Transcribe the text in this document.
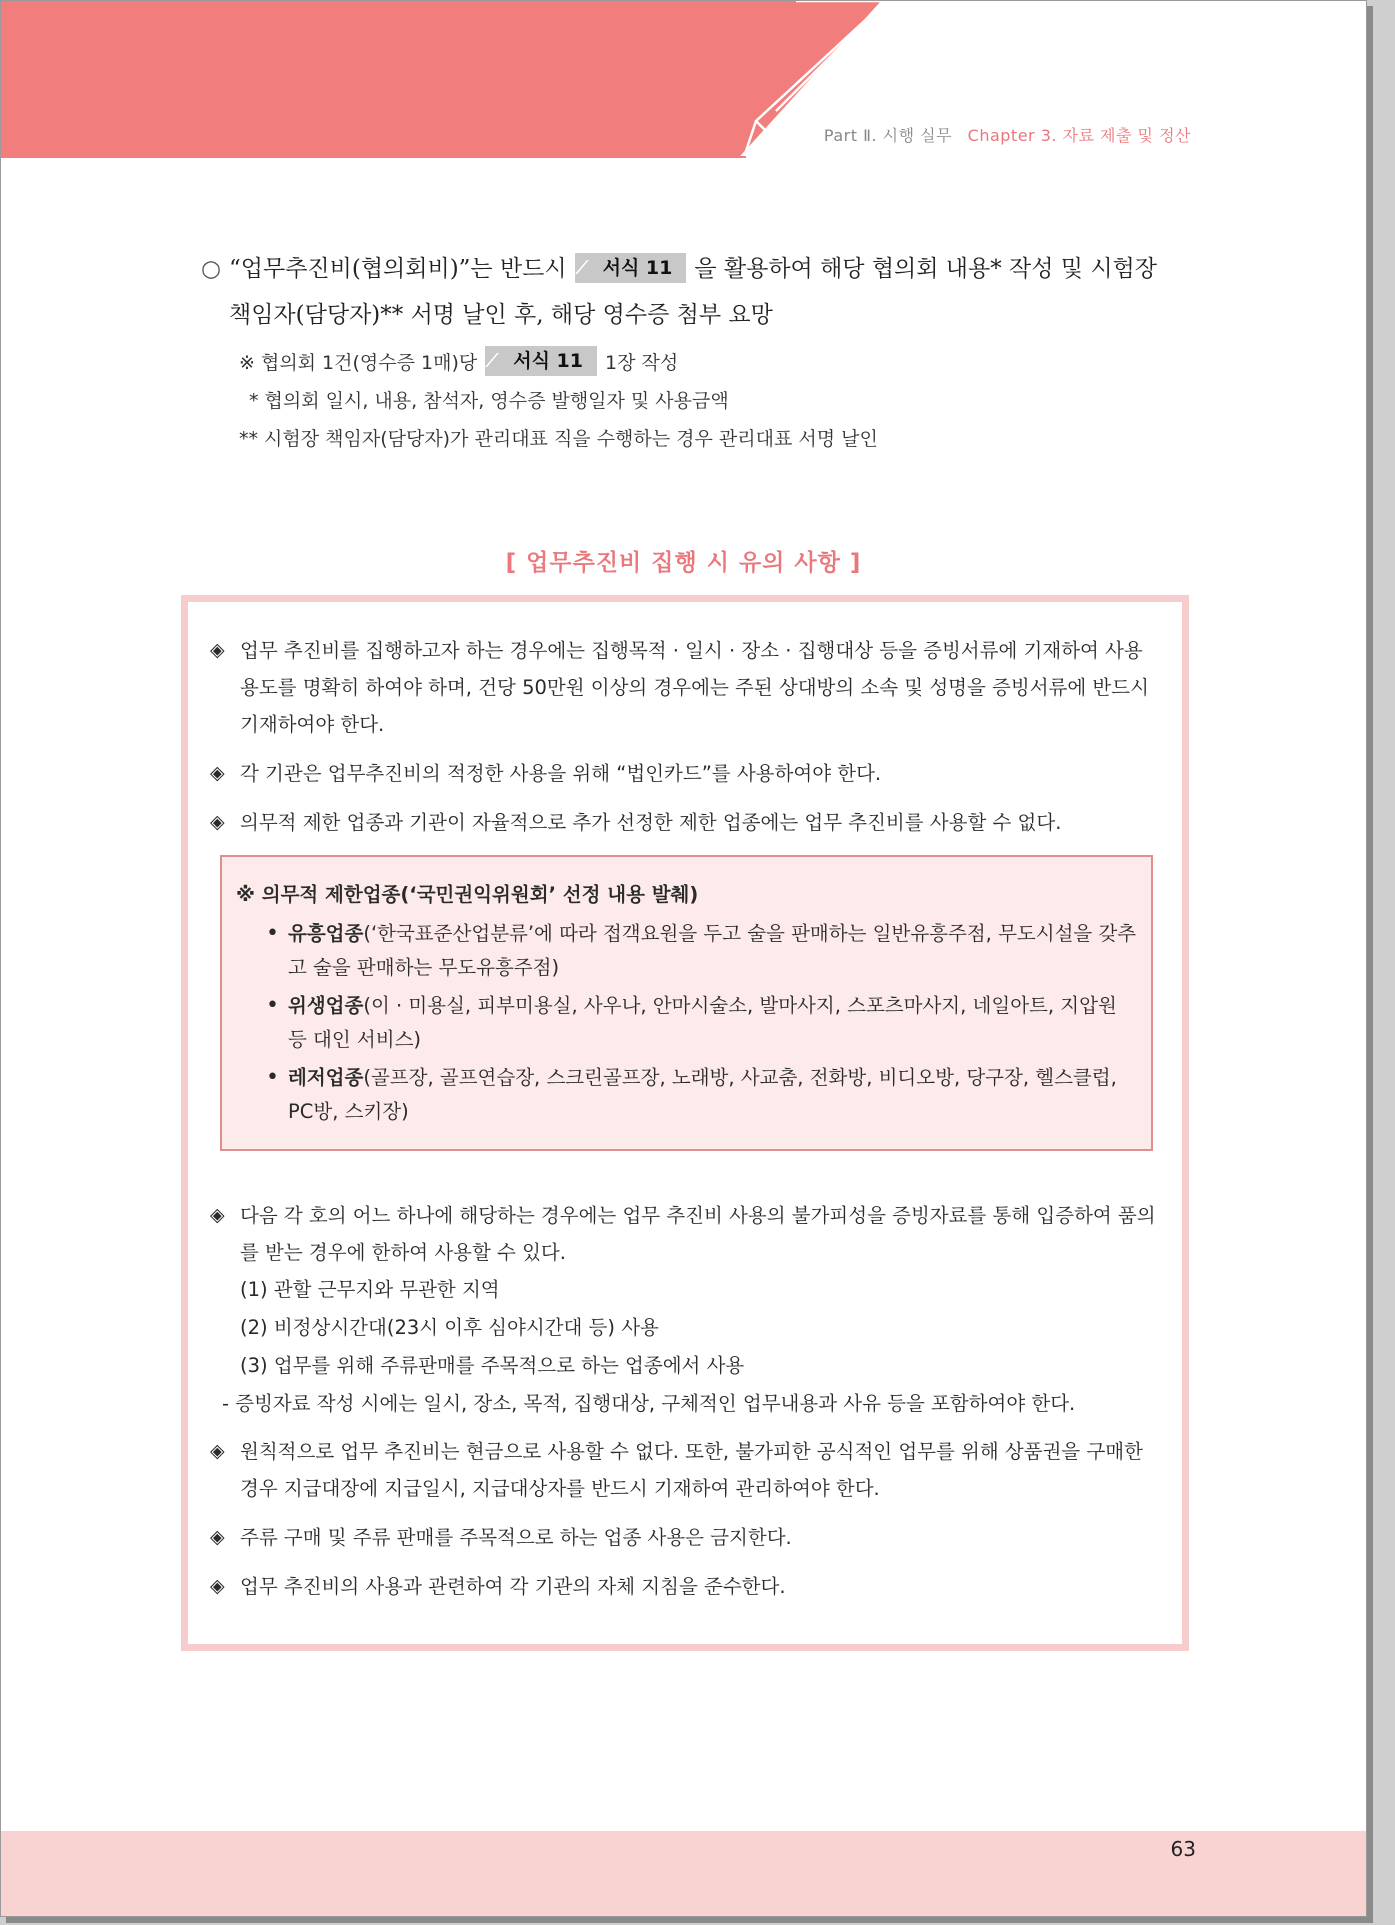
Part Ⅱ. 시행 실무 Chapter 3. 자료 제출 및 정산
○ “업무추진비(협의회비)”는 반드시 서식 11 을 활용하여 해당 협의회 내용* 작성 및 시험장
책임자(담당자)** 서명 날인 후, 해당 영수증 첨부 요망
※ 협의회 1건(영수증 1매)당 서식 11 1장 작성
* 협의회 일시, 내용, 참석자, 영수증 발행일자 및 사용금액
** 시험장 책임자(담당자)가 관리대표 직을 수행하는 경우 관리대표 서명 날인
[ 업무추진비 집행 시 유의 사항 ]
◈ 업무 추진비를 집행하고자 하는 경우에는 집행목적 · 일시 · 장소 · 집행대상 등을 증빙서류에 기재하여 사용용도를 명확히 하여야 하며, 건당 50만원 이상의 경우에는 주된 상대방의 소속 및 성명을 증빙서류에 반드시 기재하여야 한다.
◈ 각 기관은 업무추진비의 적정한 사용을 위해 “법인카드”를 사용하여야 한다.
◈ 의무적 제한 업종과 기관이 자율적으로 추가 선정한 제한 업종에는 업무 추진비를 사용할 수 없다.
※ 의무적 제한업종(‘국민권익위원회’ 선정 내용 발췌)
• 유흥업종(‘한국표준산업분류’에 따라 접객요원을 두고 술을 판매하는 일반유흥주점, 무도시설을 갖추고 술을 판매하는 무도유흥주점)
• 위생업종(이 · 미용실, 피부미용실, 사우나, 안마시술소, 발마사지, 스포츠마사지, 네일아트, 지압원 등 대인 서비스)
• 레저업종(골프장, 골프연습장, 스크린골프장, 노래방, 사교춤, 전화방, 비디오방, 당구장, 헬스클럽, PC방, 스키장)
◈ 다음 각 호의 어느 하나에 해당하는 경우에는 업무 추진비 사용의 불가피성을 증빙자료를 통해 입증하여 품의를 받는 경우에 한하여 사용할 수 있다.
(1) 관할 근무지와 무관한 지역
(2) 비정상시간대(23시 이후 심야시간대 등) 사용
(3) 업무를 위해 주류판매를 주목적으로 하는 업종에서 사용
- 증빙자료 작성 시에는 일시, 장소, 목적, 집행대상, 구체적인 업무내용과 사유 등을 포함하여야 한다.
◈ 원칙적으로 업무 추진비는 현금으로 사용할 수 없다. 또한, 불가피한 공식적인 업무를 위해 상품권을 구매한 경우 지급대장에 지급일시, 지급대상자를 반드시 기재하여 관리하여야 한다.
◈ 주류 구매 및 주류 판매를 주목적으로 하는 업종 사용은 금지한다.
◈ 업무 추진비의 사용과 관련하여 각 기관의 자체 지침을 준수한다.
63
